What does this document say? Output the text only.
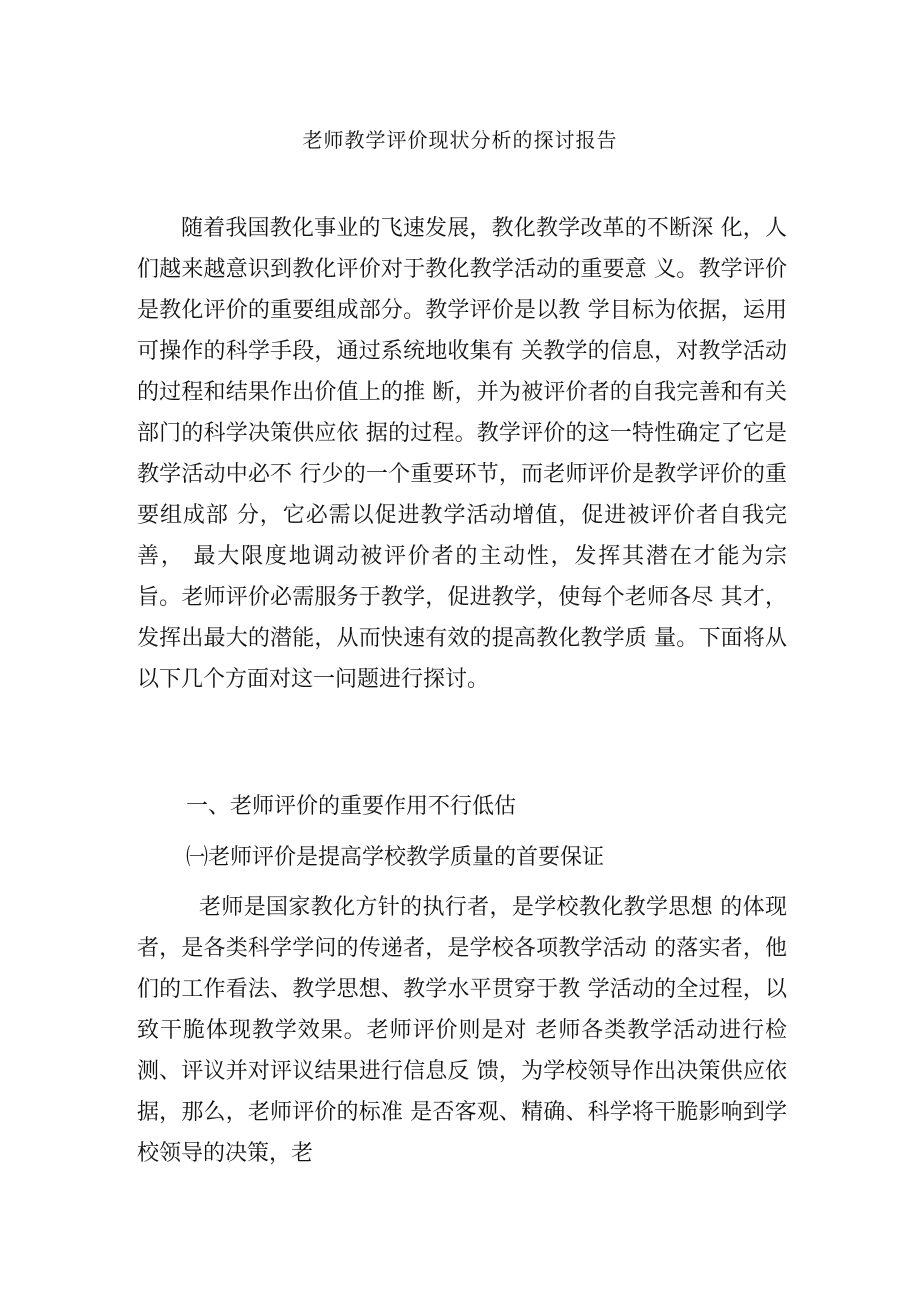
老师教学评价现状分析的探讨报告

随着我国教化事业的飞速发展，教化教学改革的不断深 化，人们越来越意识到教化评价对于教化教学活动的重要意 义。教学评价是教化评价的重要组成部分。教学评价是以教 学目标为依据，运用可操作的科学手段，通过系统地收集有 关教学的信息，对教学活动的过程和结果作出价值上的推 断，并为被评价者的自我完善和有关部门的科学决策供应依 据的过程。教学评价的这一特性确定了它是教学活动中必不 行少的一个重要环节，而老师评价是教学评价的重要组成部 分，它必需以促进教学活动增值，促进被评价者自我完善， 最大限度地调动被评价者的主动性，发挥其潜在才能为宗 旨。老师评价必需服务于教学，促进教学，使每个老师各尽 其才，发挥出最大的潜能，从而快速有效的提高教化教学质 量。下面将从以下几个方面对这一问题进行探讨。

一、老师评价的重要作用不行低估

㈠老师评价是提高学校教学质量的首要保证

老师是国家教化方针的执行者，是学校教化教学思想 的体现者，是各类科学学问的传递者，是学校各项教学活动 的落实者，他们的工作看法、教学思想、教学水平贯穿于教 学活动的全过程，以致干脆体现教学效果。老师评价则是对 老师各类教学活动进行检测、评议并对评议结果进行信息反 馈，为学校领导作出决策供应依据，那么，老师评价的标准 是否客观、精确、科学将干脆影响到学校领导的决策，老
